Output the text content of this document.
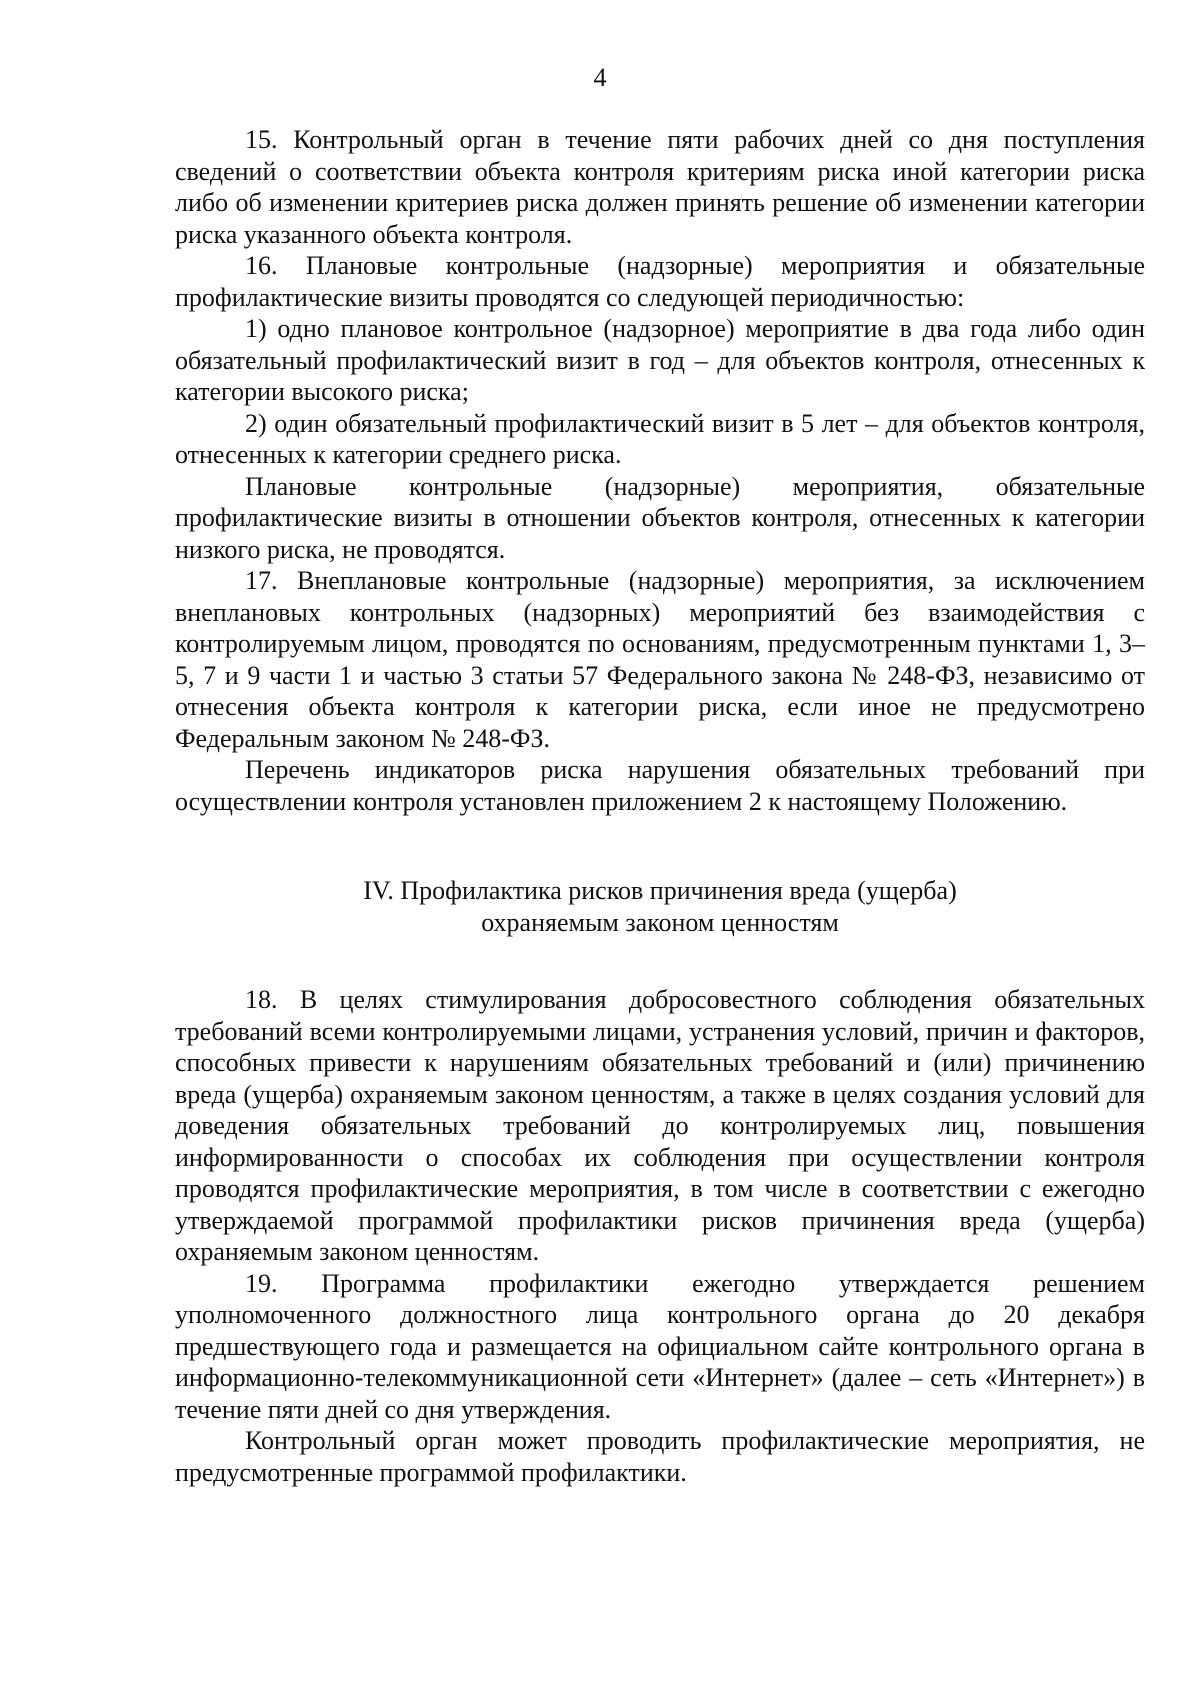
4

15. Контрольный орган в течение пяти рабочих дней со дня поступления сведений о соответствии объекта контроля критериям риска иной категории риска либо об изменении критериев риска должен принять решение об изменении категории риска указанного объекта контроля.

16. Плановые контрольные (надзорные) мероприятия и обязательные профилактические визиты проводятся со следующей периодичностью:

1) одно плановое контрольное (надзорное) мероприятие в два года либо один обязательный профилактический визит в год – для объектов контроля, отнесенных к категории высокого риска;

2) один обязательный профилактический визит в 5 лет – для объектов контроля, отнесенных к категории среднего риска.

Плановые контрольные (надзорные) мероприятия, обязательные профилактические визиты в отношении объектов контроля, отнесенных к категории низкого риска, не проводятся.

17. Внеплановые контрольные (надзорные) мероприятия, за исключением внеплановых контрольных (надзорных) мероприятий без взаимодействия с контролируемым лицом, проводятся по основаниям, предусмотренным пунктами 1, 3–5, 7 и 9 части 1 и частью 3 статьи 57 Федерального закона № 248-ФЗ, независимо от отнесения объекта контроля к категории риска, если иное не предусмотрено Федеральным законом № 248-ФЗ.

Перечень индикаторов риска нарушения обязательных требований при осуществлении контроля установлен приложением 2 к настоящему Положению.

IV. Профилактика рисков причинения вреда (ущерба)
охраняемым законом ценностям

18. В целях стимулирования добросовестного соблюдения обязательных требований всеми контролируемыми лицами, устранения условий, причин и факторов, способных привести к нарушениям обязательных требований и (или) причинению вреда (ущерба) охраняемым законом ценностям, а также в целях создания условий для доведения обязательных требований до контролируемых лиц, повышения информированности о способах их соблюдения при осуществлении контроля проводятся профилактические мероприятия, в том числе в соответствии с ежегодно утверждаемой программой профилактики рисков причинения вреда (ущерба) охраняемым законом ценностям.

19. Программа профилактики ежегодно утверждается решением уполномоченного должностного лица контрольного органа до 20 декабря предшествующего года и размещается на официальном сайте контрольного органа в информационно-телекоммуникационной сети «Интернет» (далее – сеть «Интернет») в течение пяти дней со дня утверждения.

Контрольный орган может проводить профилактические мероприятия, не предусмотренные программой профилактики.
